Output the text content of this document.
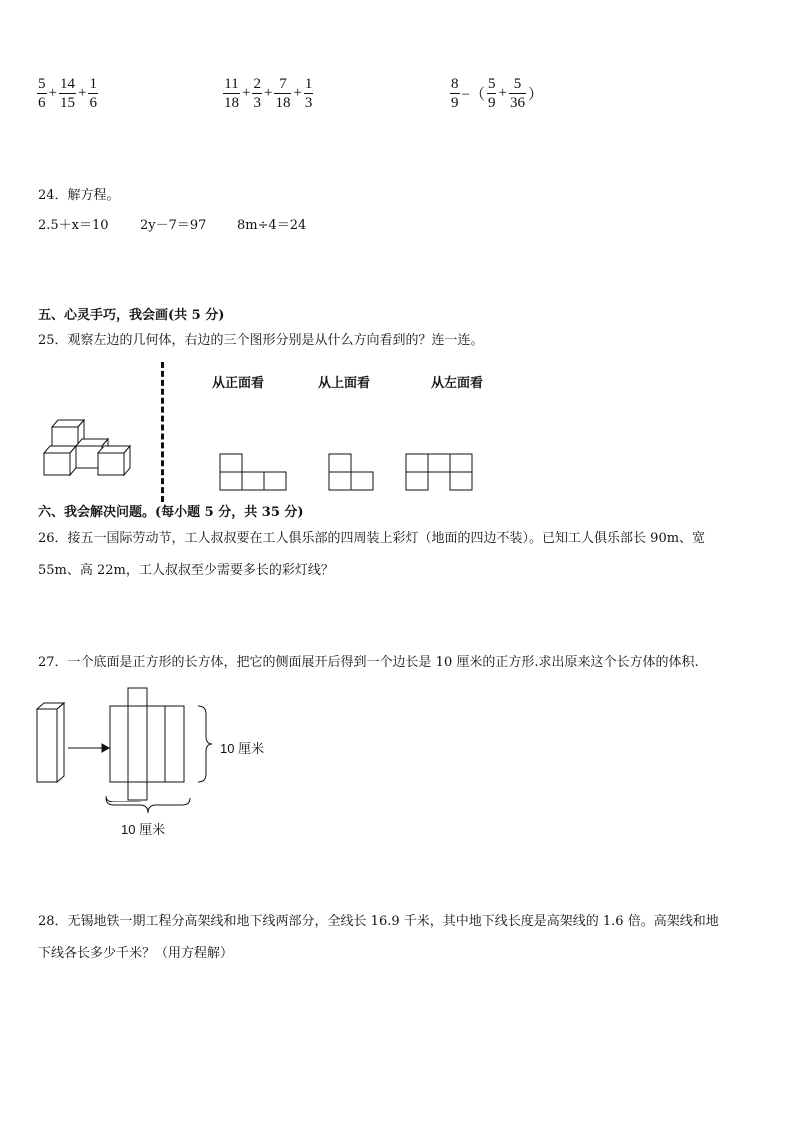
$\frac{5}{6} + \frac{14}{15} + \frac{1}{6}$	$\frac{11}{18} + \frac{2}{3} + \frac{7}{18} + \frac{1}{3}$	$\frac{8}{9}$ −（ $\frac{5}{9} + \frac{5}{36}$ ）
24．解方程。
2.5＋x＝10 2y－7＝97 8m÷4＝24
五、心灵手巧，我会画(共 5 分)
25．观察左边的几何体，右边的三个图形分别是从什么方向看到的？连一连。
从正面看	从上面看	从左面看
六、我会解决问题。(每小题 5 分，共 35 分)
26．接五一国际劳动节，工人叔叔要在工人俱乐部的四周装上彩灯（地面的四边不装）。已知工人俱乐部长 90m、宽
55m、高 22m，工人叔叔至少需要多长的彩灯线？
27．一个底面是正方形的长方体，把它的侧面展开后得到一个边长是 10 厘米的正方形.求出原来这个长方体的体积.
10 厘米
10 厘米
28．无锡地铁一期工程分高架线和地下线两部分，全线长 16.9 千米，其中地下线长度是高架线的 1.6 倍。高架线和地
下线各长多少千米？（用方程解）
